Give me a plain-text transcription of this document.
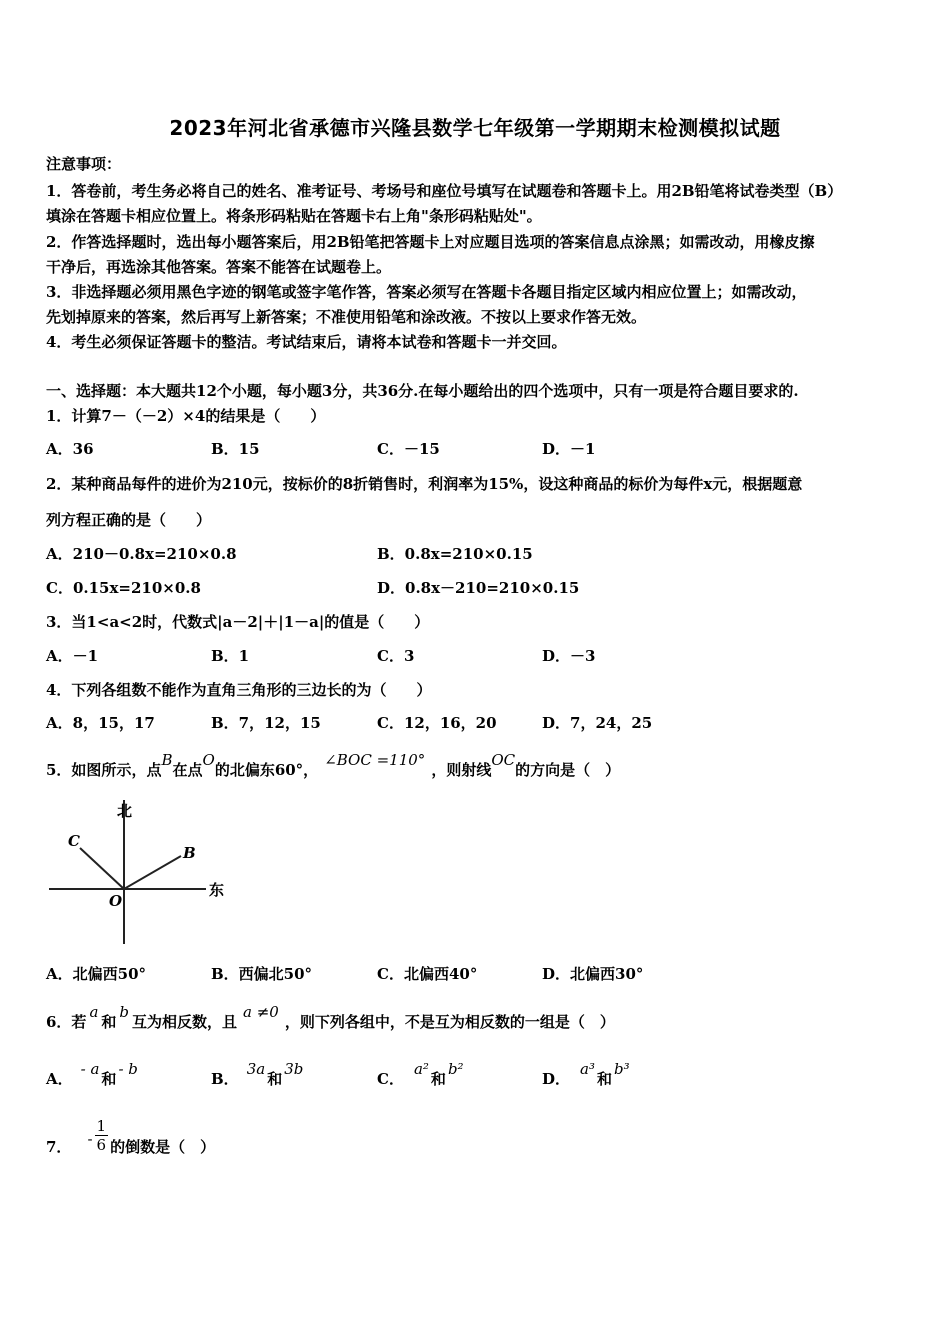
2023年河北省承德市兴隆县数学七年级第一学期期末检测模拟试题
注意事项：
1．答卷前，考生务必将自己的姓名、准考证号、考场号和座位号填写在试题卷和答题卡上。用2B铅笔将试卷类型（B）
填涂在答题卡相应位置上。将条形码粘贴在答题卡右上角"条形码粘贴处"。
2．作答选择题时，选出每小题答案后，用2B铅笔把答题卡上对应题目选项的答案信息点涂黑；如需改动，用橡皮擦
干净后，再选涂其他答案。答案不能答在试题卷上。
3．非选择题必须用黑色字迹的钢笔或签字笔作答，答案必须写在答题卡各题目指定区域内相应位置上；如需改动，
先划掉原来的答案，然后再写上新答案；不准使用铅笔和涂改液。不按以上要求作答无效。
4．考生必须保证答题卡的整洁。考试结束后，请将本试卷和答题卡一并交回。
一、选择题：本大题共12个小题，每小题3分，共36分.在每小题给出的四个选项中，只有一项是符合题目要求的.
1．计算7－（－2）×4的结果是（　　）
A．36	B．15	C．－15	D．－1
2．某种商品每件的进价为210元，按标价的8折销售时，利润率为15%，设这种商品的标价为每件x元，根据题意
列方程正确的是（　　）
A．210－0.8x=210×0.8	B．0.8x=210×0.15
C．0.15x=210×0.8	D．0.8x－210=210×0.15
3．当1<a<2时，代数式|a－2|＋|1－a|的值是（　　）
A．－1	B．1	C．3	D．－3
4．下列各组数不能作为直角三角形的三边长的为（　　）
A．8，15，17	B．7，12，15	C．12，16，20	D．7，24，25
5．如图所示，点B在点O的北偏东60°，∠BOC =110°，则射线OC的方向是（　）
北
东
C
B
O
A．北偏西50°	B．西偏北50°	C．北偏西40°	D．北偏西30°
6．若a和b互为相反数，且a ≠0，则下列各组中，不是互为相反数的一组是（　）
A．- a和- b
B．3a和3b
C．a²和b²
D．a³和b³
7． - $\frac{1}{6}$ 的倒数是（　）
